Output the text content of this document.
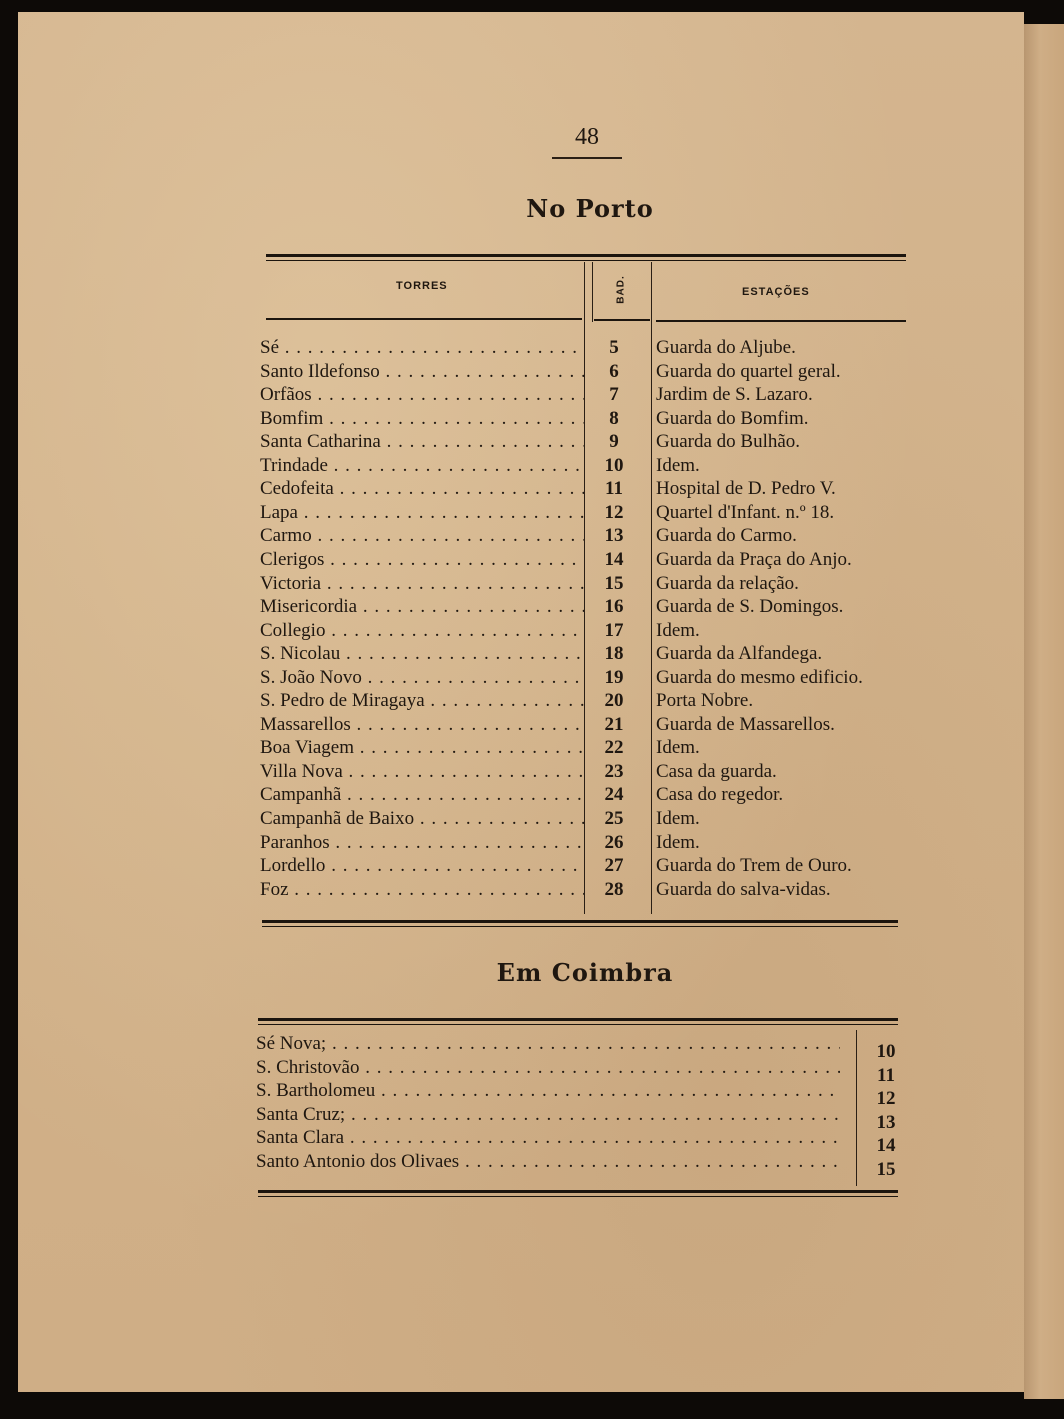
48
No Porto
TORRES	BAD.	ESTAÇÕES
Sé . . .	5	Guarda do Aljube.
Santo Ildefonso . . .	6	Guarda do quartel geral.
Orfãos . . .	7	Jardim de S. Lazaro.
Bomfim . . .	8	Guarda do Bomfim.
Santa Catharina . . .	9	Guarda do Bulhão.
Trindade . . .	10	Idem.
Cedofeita . . .	11	Hospital de D. Pedro V.
Lapa . . .	12	Quartel d'Infant. n.º 18.
Carmo . . .	13	Guarda do Carmo.
Clerigos . . .	14	Guarda da Praça do Anjo.
Victoria . . .	15	Guarda da relação.
Misericordia . . .	16	Guarda de S. Domingos.
Collegio . . .	17	Idem.
S. Nicolau . . .	18	Guarda da Alfandega.
S. João Novo . . .	19	Guarda do mesmo edificio.
S. Pedro de Miragaya . . .	20	Porta Nobre.
Massarellos . . .	21	Guarda de Massarellos.
Boa Viagem . . .	22	Idem.
Villa Nova . . .	23	Casa da guarda.
Campanhã . . .	24	Casa do regedor.
Campanhã de Baixo . . .	25	Idem.
Paranhos . . .	26	Idem.
Lordello . . .	27	Guarda do Trem de Ouro.
Foz . . .	28	Guarda do salva-vidas.
Em Coimbra
Sé Nova; . . .	10
S. Christovão . . .	11
S. Bartholomeu . . .	12
Santa Cruz; . . .	13
Santa Clara . . .	14
Santo Antonio dos Olivaes . . .	15
